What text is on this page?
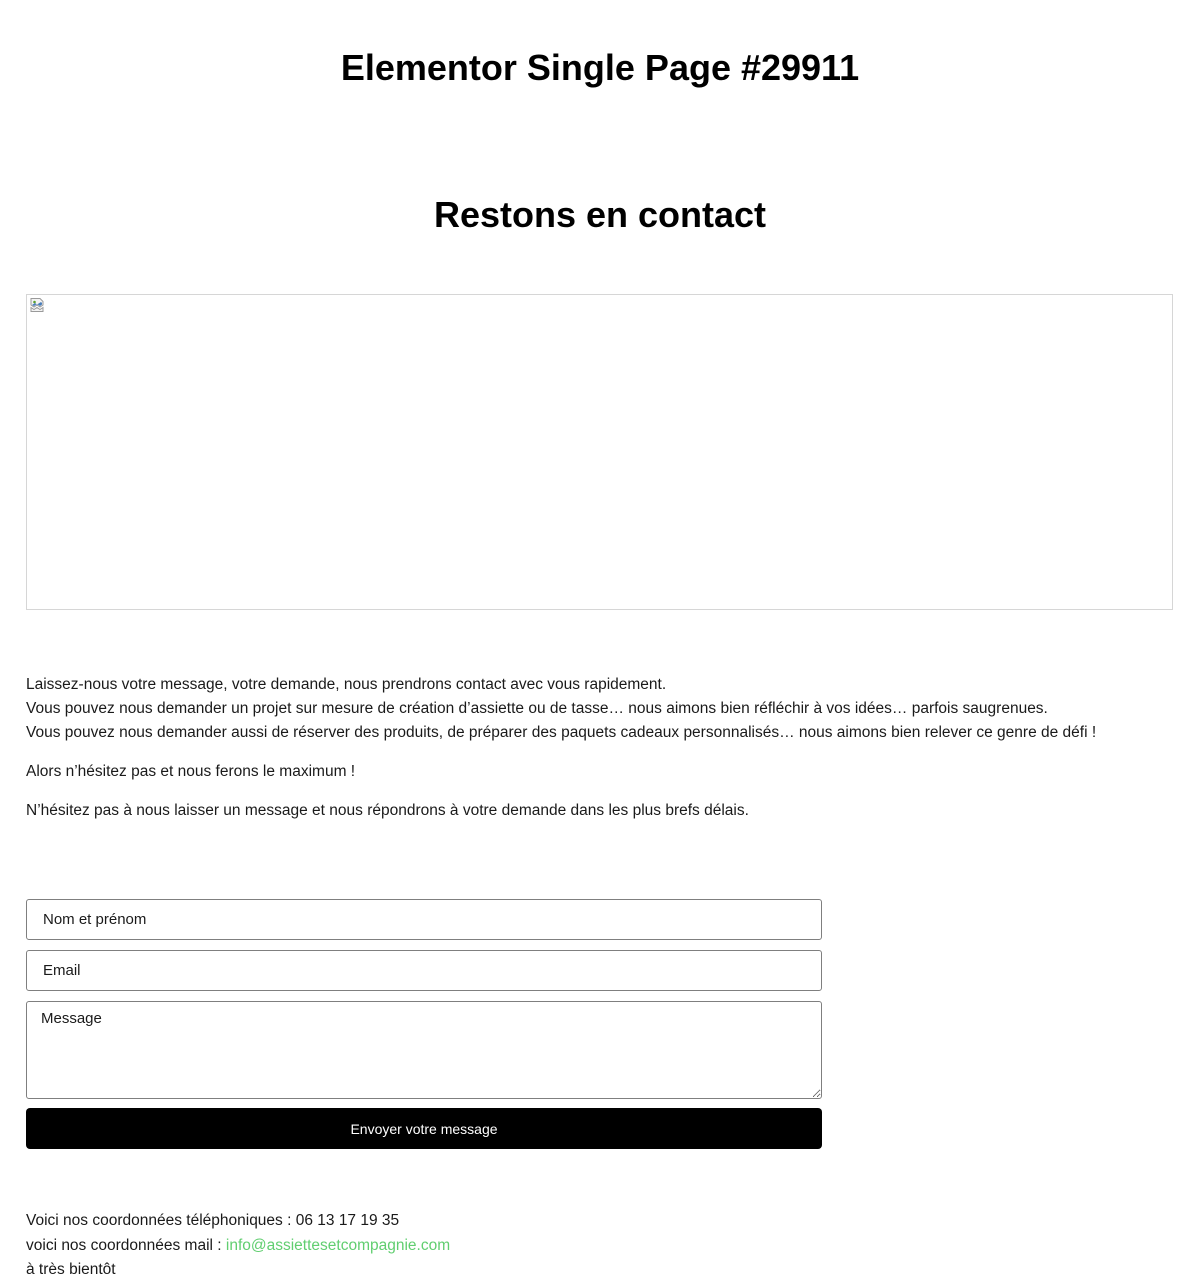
Elementor Single Page #29911
Restons en contact

Laissez-nous votre message, votre demande, nous prendrons contact avec vous rapidement.
Vous pouvez nous demander un projet sur mesure de création d’assiette ou de tasse… nous aimons bien réfléchir à vos idées… parfois saugrenues.
Vous pouvez nous demander aussi de réserver des produits, de préparer des paquets cadeaux personnalisés… nous aimons bien relever ce genre de défi !

Alors n’hésitez pas et nous ferons le maximum !

N’hésitez pas à nous laisser un message et nous répondrons à votre demande dans les plus brefs délais.

Nom et prénom
Email
Message
Envoyer votre message
Voici nos coordonnées téléphoniques : 06 13 17 19 35
voici nos coordonnées mail : info@assiettesetcompagnie.com
à très bientôt
